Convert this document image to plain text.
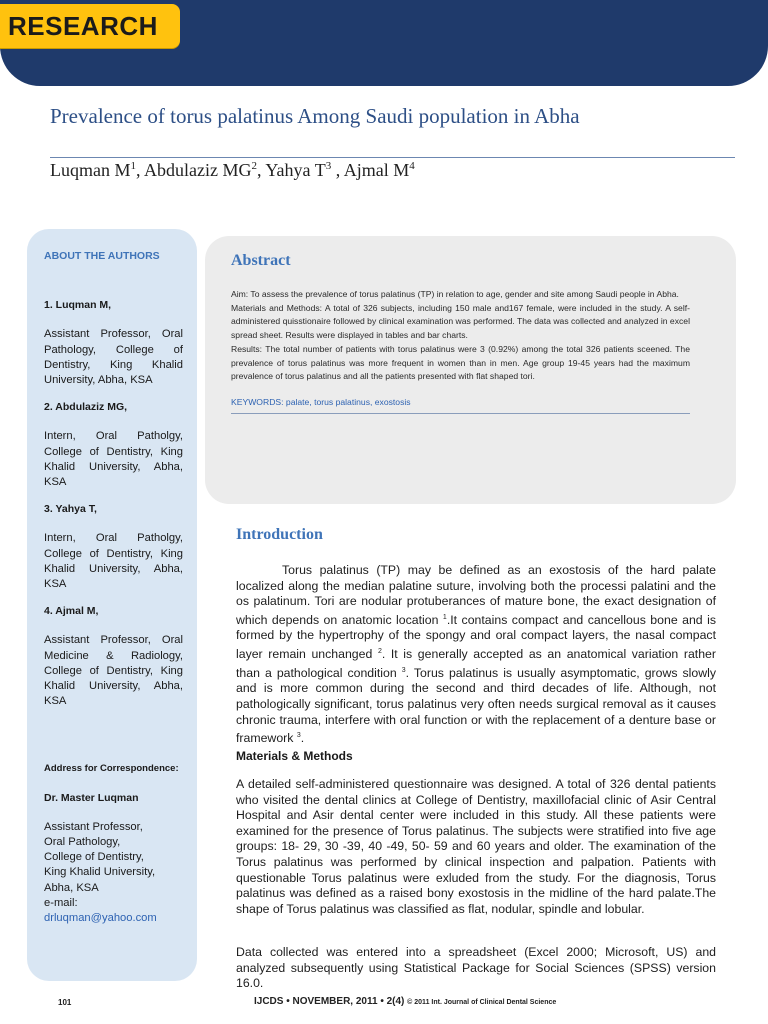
RESEARCH
Prevalence of torus palatinus Among Saudi population in Abha
Luqman $M^1$, Abdulaziz $MG^2$, Yahya $T^3$ , Ajmal $M^4$

ABOUT THE AUTHORS

1. Luqman M,

Assistant Professor, Oral Pathology, College of Dentistry, King Khalid University, Abha, KSA

2. Abdulaziz MG,

Intern, Oral Patholgy, College of Dentistry, King Khalid University, Abha, KSA

3. Yahya T,

Intern, Oral Patholgy, College of Dentistry, King Khalid University, Abha, KSA

4. Ajmal M,

Assistant Professor, Oral Medicine & Radiology, College of Dentistry, King Khalid University, Abha, KSA

Address for Correspondence:

Dr. Master Luqman

Assistant Professor,

Oral Pathology,

College of Dentistry,

King Khalid University,

Abha, KSA

e-mail:

drluqman@yahoo.com

Abstract

Aim: To assess the prevalence of torus palatinus (TP) in relation to age, gender and site among Saudi people in Abha.

Materials and Methods: A total of 326 subjects, including 150 male and167 female, were included in the study. A self-administered quisstionaire followed by clinical examination was performed. The data was collected and analyzed in excel spread sheet. Results were displayed in tables and bar charts.

Results: The total number of patients with torus palatinus were 3 (0.92%) among the total 326 patients sceened. The prevalence of torus palatinus was more frequent in women than in men. Age group 19-45 years had the maximum prevalence of torus palatinus and all the patients presented with flat shaped tori.

KEYWORDS: palate, torus palatinus, exostosis

Introduction

Torus palatinus (TP) may be defined as an exostosis of the hard palate localized along the median palatine suture, involving both the processi palatini and the os palatinum. Tori are nodular protuberances of mature bone, the exact designation of which depends on anatomic location $^1$.It contains compact and cancellous bone and is formed by the hypertrophy of the spongy and oral compact layers, the nasal compact layer remain unchanged $^2$. It is generally accepted as an anatomical variation rather than a pathological condition $^3$. Torus palatinus is usually asymptomatic, grows slowly and is more common during the second and third decades of life. Although, not pathologically significant, torus palatinus very often needs surgical removal as it causes chronic trauma, interfere with oral function or with the replacement of a denture base or framework $^3$.

Materials & Methods

A detailed self-administered questionnaire was designed. A total of 326 dental patients who visited the dental clinics at College of Dentistry, maxillofacial clinic of Asir Central Hospital and Asir dental center were included in this study. All these patients were examined for the presence of Torus palatinus. The subjects were stratified into five age groups: 18- 29, 30 -39, 40 -49, 50- 59 and 60 years and older. The examination of the Torus palatinus was performed by clinical inspection and palpation. Patients with questionable Torus palatinus were exluded from the study. For the diagnosis, Torus palatinus was defined as a raised bony exostosis in the midline of the hard palate.The shape of Torus palatinus was classified as flat, nodular, spindle and lobular.

Data collected was entered into a spreadsheet (Excel 2000; Microsoft, US) and analyzed subsequently using Statistical Package for Social Sciences (SPSS) version 16.0.

101	IJCDS • NOVEMBER, 2011 • 2(4) © 2011 Int. Journal of Clinical Dental Science
